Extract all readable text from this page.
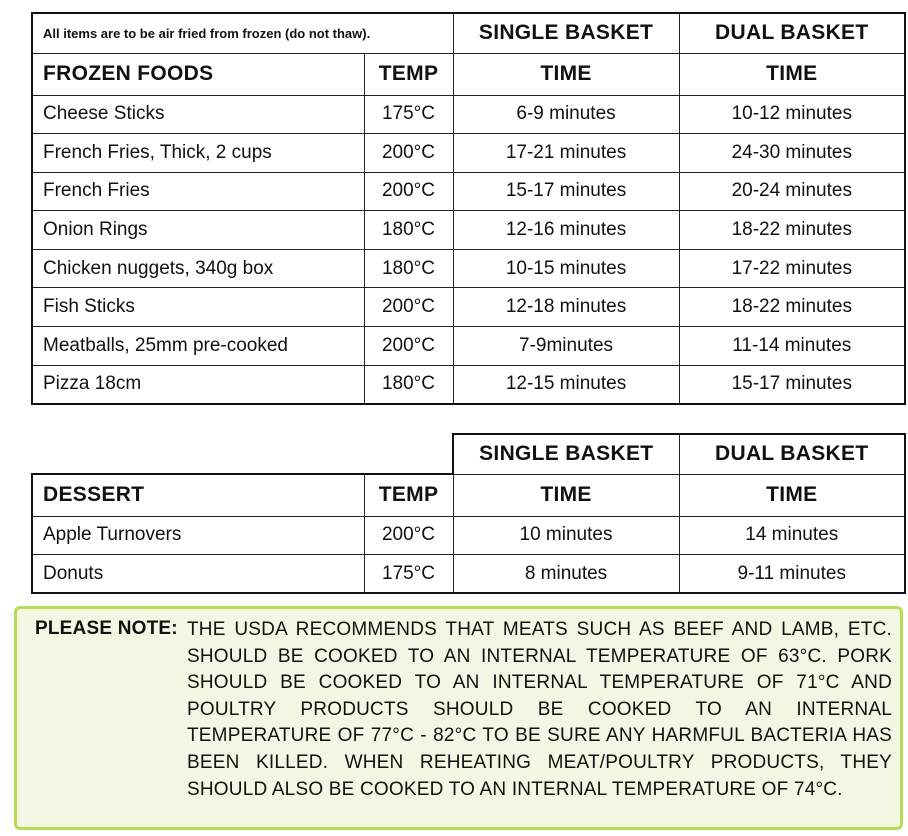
All items are to be air fried from frozen (do not thaw).		SINGLE BASKET	DUAL BASKET
FROZEN FOODS	TEMP	TIME	TIME
Cheese Sticks	175°C	6-9 minutes	10-12 minutes
French Fries, Thick, 2 cups	200°C	17-21 minutes	24-30 minutes
French Fries	200°C	15-17 minutes	20-24 minutes
Onion Rings	180°C	12-16 minutes	18-22 minutes
Chicken nuggets, 340g box	180°C	10-15 minutes	17-22 minutes
Fish Sticks	200°C	12-18 minutes	18-22 minutes
Meatballs, 25mm pre-cooked	200°C	7-9minutes	11-14 minutes
Pizza 18cm	180°C	12-15 minutes	15-17 minutes
		SINGLE BASKET	DUAL BASKET
DESSERT	TEMP	TIME	TIME
Apple Turnovers	200°C	10 minutes	14 minutes
Donuts	175°C	8 minutes	9-11 minutes
PLEASE NOTE: THE USDA RECOMMENDS THAT MEATS SUCH AS BEEF AND LAMB, ETC. SHOULD BE COOKED TO AN INTERNAL TEMPERATURE OF 63°C. PORK SHOULD BE COOKED TO AN INTERNAL TEMPERATURE OF 71°C AND POULTRY PRODUCTS SHOULD BE COOKED TO AN INTERNAL TEMPERATURE OF 77°C - 82°C TO BE SURE ANY HARMFUL BACTERIA HAS BEEN KILLED. WHEN REHEATING MEAT/POULTRY PRODUCTS, THEY SHOULD ALSO BE COOKED TO AN INTERNAL TEMPERATURE OF 74°C.
